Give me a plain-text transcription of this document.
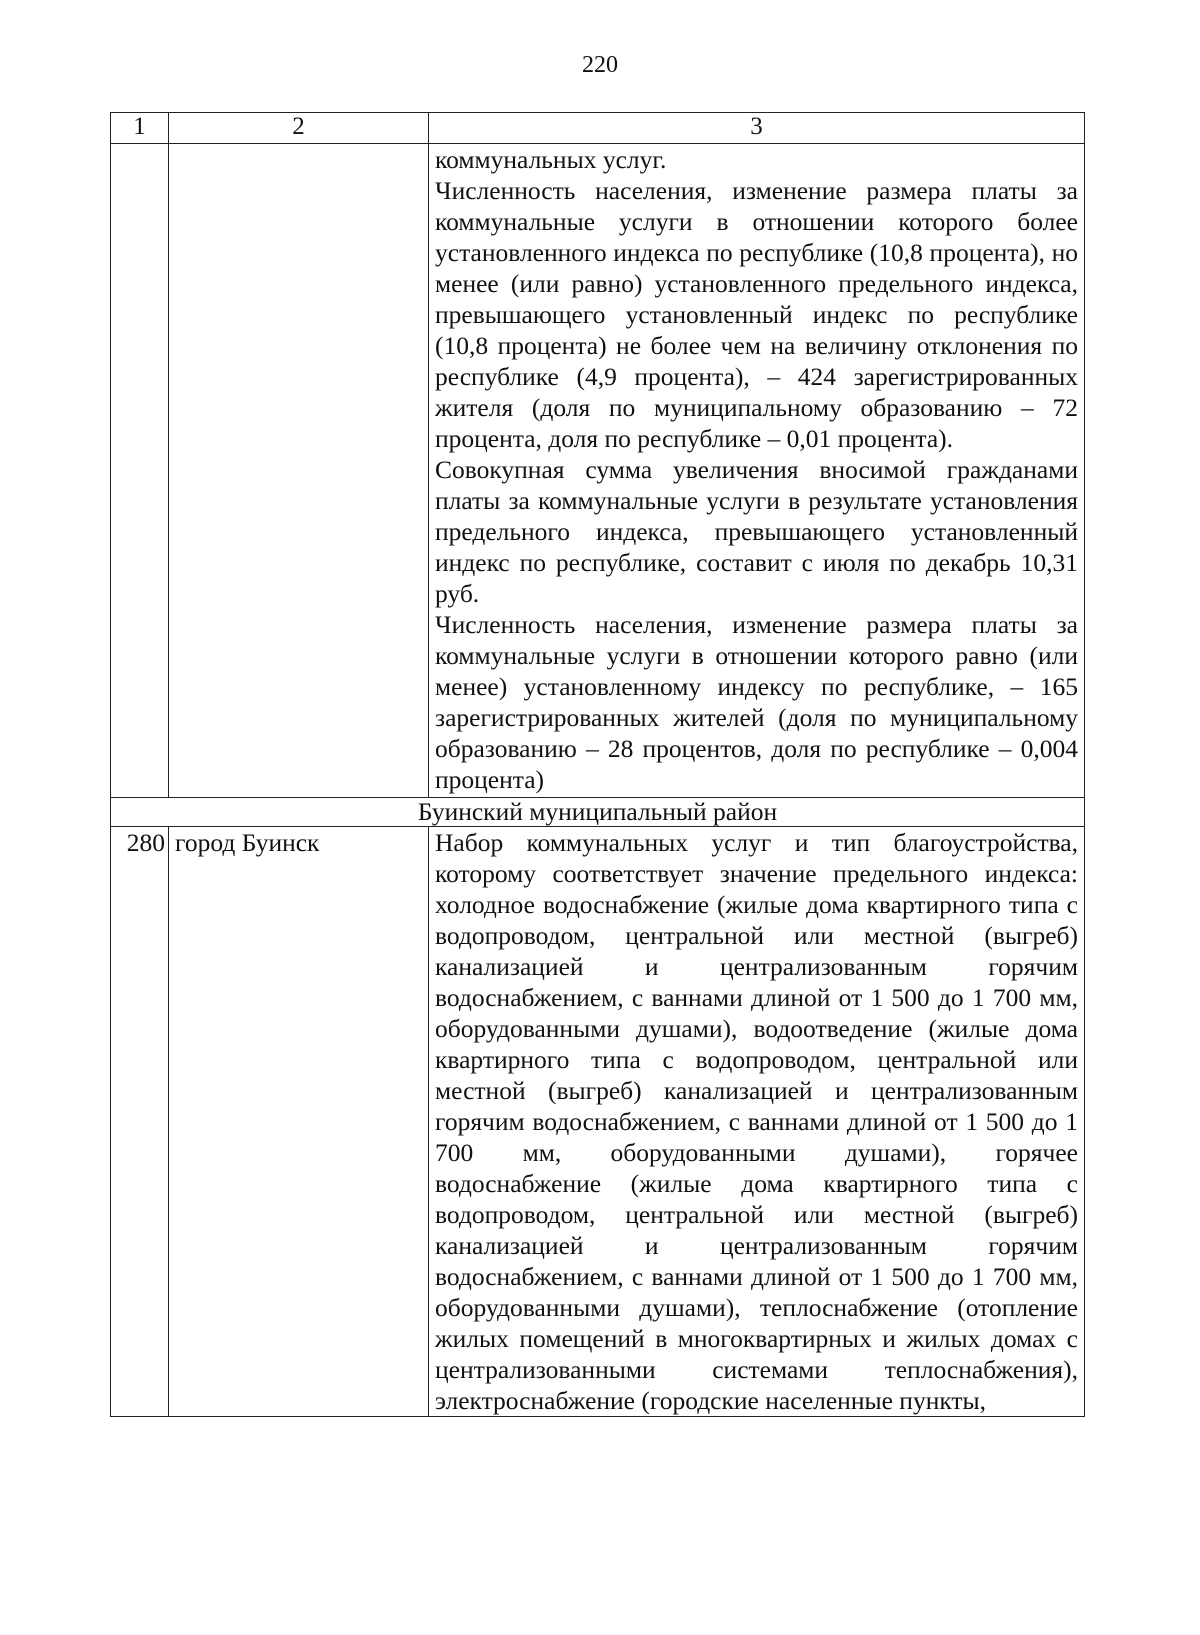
220
1	2	3

		коммунальных услуг.

Численность населения, изменение размера платы за коммунальные услуги в отношении которого более установленного индекса по республике (10,8 процента), но менее (или равно) установленного предельного индекса, превышающего установленный индекс по республике (10,8 процента) не более чем на величину отклонения по республике (4,9 процента), – 424 зарегистрированных жителя (доля по муниципальному образованию – 72 процента, доля по республике – 0,01 процента).

Совокупная сумма увеличения вносимой гражданами платы за коммунальные услуги в результате установления предельного индекса, превышающего установленный индекс по республике, составит с июля по декабрь 10,31 руб.

Численность населения, изменение размера платы за коммунальные услуги в отношении которого равно (или менее) установленному индексу по республике, – 165 зарегистрированных жителей (доля по муниципальному образованию – 28 процентов, доля по республике – 0,004 процента)

Буинский муниципальный район		
280	город Буинск	Набор коммунальных услуг и тип благоустройства, которому соответствует значение предельного индекса: холодное водоснабжение (жилые дома квартирного типа с водопроводом, центральной или местной (выгреб) канализацией и централизованным горячим водоснабжением, с ваннами длиной от 1 500 до 1 700 мм, оборудованными душами), водоотведение (жилые дома квартирного типа с водопроводом, центральной или местной (выгреб) канализацией и централизованным горячим водоснабжением, с ваннами длиной от 1 500 до 1 700 мм, оборудованными душами), горячее водоснабжение (жилые дома квартирного типа с водопроводом, центральной или местной (выгреб) канализацией и централизованным горячим водоснабжением, с ваннами длиной от 1 500 до 1 700 мм, оборудованными душами), теплоснабжение (отопление жилых помещений в многоквартирных и жилых домах с централизованными системами теплоснабжения), электроснабжение (городские населенные пункты,
